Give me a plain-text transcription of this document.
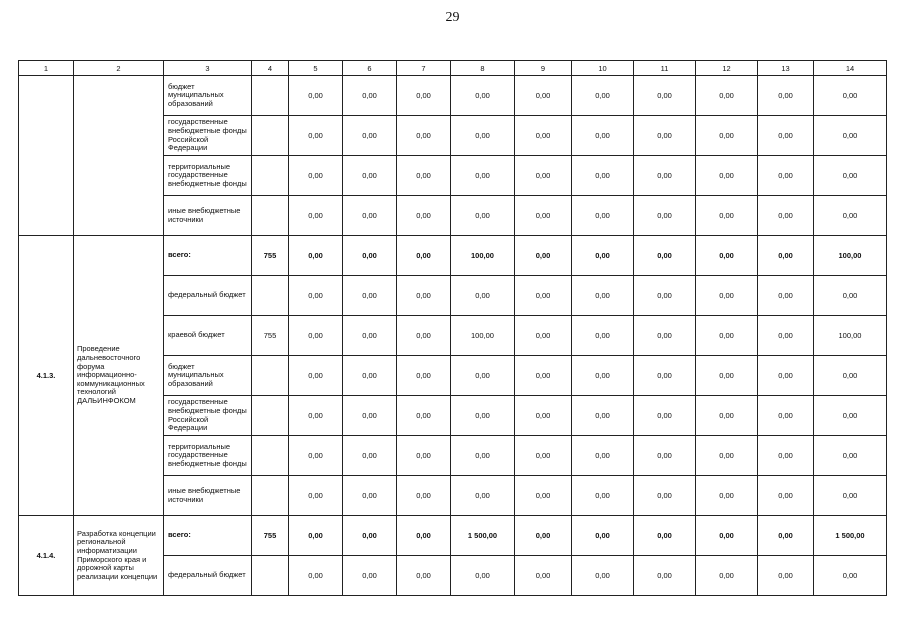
29
1	2	3	4	5	6	7	8	9	10	11	12	13	14
		бюджет муниципальных образований		0,00	0,00	0,00	0,00	0,00	0,00	0,00	0,00	0,00	0,00
		государственные внебюджетные фонды Российской Федерации		0,00	0,00	0,00	0,00	0,00	0,00	0,00	0,00	0,00	0,00
		территориальные государственные внебюджетные фонды		0,00	0,00	0,00	0,00	0,00	0,00	0,00	0,00	0,00	0,00
		иные внебюджетные источники		0,00	0,00	0,00	0,00	0,00	0,00	0,00	0,00	0,00	0,00
4.1.3.	Проведение дальневосточного форума информационно-коммуникационных технологий ДАЛЬИНФОКОМ	всего:	755	0,00	0,00	0,00	100,00	0,00	0,00	0,00	0,00	0,00	100,00
		федеральный бюджет		0,00	0,00	0,00	0,00	0,00	0,00	0,00	0,00	0,00	0,00
		краевой бюджет	755	0,00	0,00	0,00	100,00	0,00	0,00	0,00	0,00	0,00	100,00
		бюджет муниципальных образований		0,00	0,00	0,00	0,00	0,00	0,00	0,00	0,00	0,00	0,00
		государственные внебюджетные фонды Российской Федерации		0,00	0,00	0,00	0,00	0,00	0,00	0,00	0,00	0,00	0,00
		территориальные государственные внебюджетные фонды		0,00	0,00	0,00	0,00	0,00	0,00	0,00	0,00	0,00	0,00
		иные внебюджетные источники		0,00	0,00	0,00	0,00	0,00	0,00	0,00	0,00	0,00	0,00
4.1.4.	Разработка концепции региональной информатизации Приморского края и дорожной карты реализации концепции	всего:	755	0,00	0,00	0,00	1 500,00	0,00	0,00	0,00	0,00	0,00	1 500,00
		федеральный бюджет		0,00	0,00	0,00	0,00	0,00	0,00	0,00	0,00	0,00	0,00
